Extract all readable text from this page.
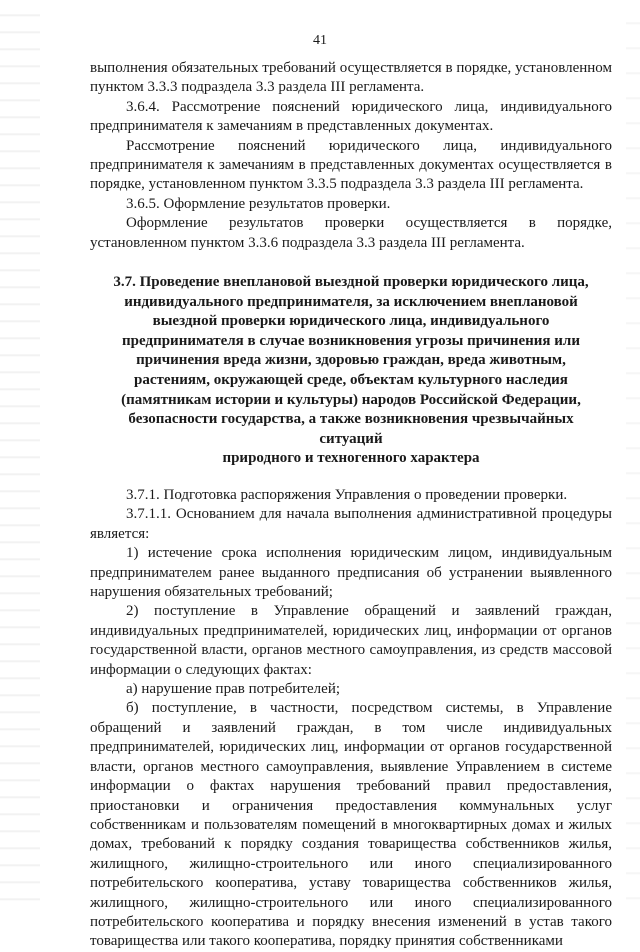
41

выполнения обязательных требований осуществляется в порядке, установленном пунктом 3.3.3 подраздела 3.3 раздела III регламента.

3.6.4. Рассмотрение пояснений юридического лица, индивидуального предпринимателя к замечаниям в представленных документах.

Рассмотрение пояснений юридического лица, индивидуального предпринимателя к замечаниям в представленных документах осуществляется в порядке, установленном пунктом 3.3.5 подраздела 3.3 раздела III регламента.

3.6.5. Оформление результатов проверки.

Оформление результатов проверки осуществляется в порядке, установленном пунктом 3.3.6 подраздела 3.3 раздела III регламента.

3.7. Проведение внеплановой выездной проверки юридического лица,
индивидуального предпринимателя, за исключением внеплановой
выездной проверки юридического лица, индивидуального
предпринимателя в случае возникновения угрозы причинения или
причинения вреда жизни, здоровью граждан, вреда животным,
растениям, окружающей среде, объектам культурного наследия
(памятникам истории и культуры) народов Российской Федерации,
безопасности государства, а также возникновения чрезвычайных ситуаций
природного и техногенного характера

3.7.1. Подготовка распоряжения Управления о проведении проверки.

3.7.1.1. Основанием для начала выполнения административной процедуры является:

1) истечение срока исполнения юридическим лицом, индивидуальным предпринимателем ранее выданного предписания об устранении выявленного нарушения обязательных требований;

2) поступление в Управление обращений и заявлений граждан, индивидуальных предпринимателей, юридических лиц, информации от органов государственной власти, органов местного самоуправления, из средств массовой информации о следующих фактах:

а) нарушение прав потребителей;

б) поступление, в частности, посредством системы, в Управление обращений и заявлений граждан, в том числе индивидуальных предпринимателей, юридических лиц, информации от органов государственной власти, органов местного самоуправления, выявление Управлением в системе информации о фактах нарушения требований правил предоставления, приостановки и ограничения предоставления коммунальных услуг собственникам и пользователям помещений в многоквартирных домах и жилых домах, требований к порядку создания товарищества собственников жилья, жилищного, жилищно-строительного или иного специализированного потребительского кооператива, уставу товарищества собственников жилья, жилищного, жилищно-строительного или иного специализированного потребительского кооператива и порядку внесения изменений в устав такого товарищества или такого кооператива, порядку принятия собственниками
